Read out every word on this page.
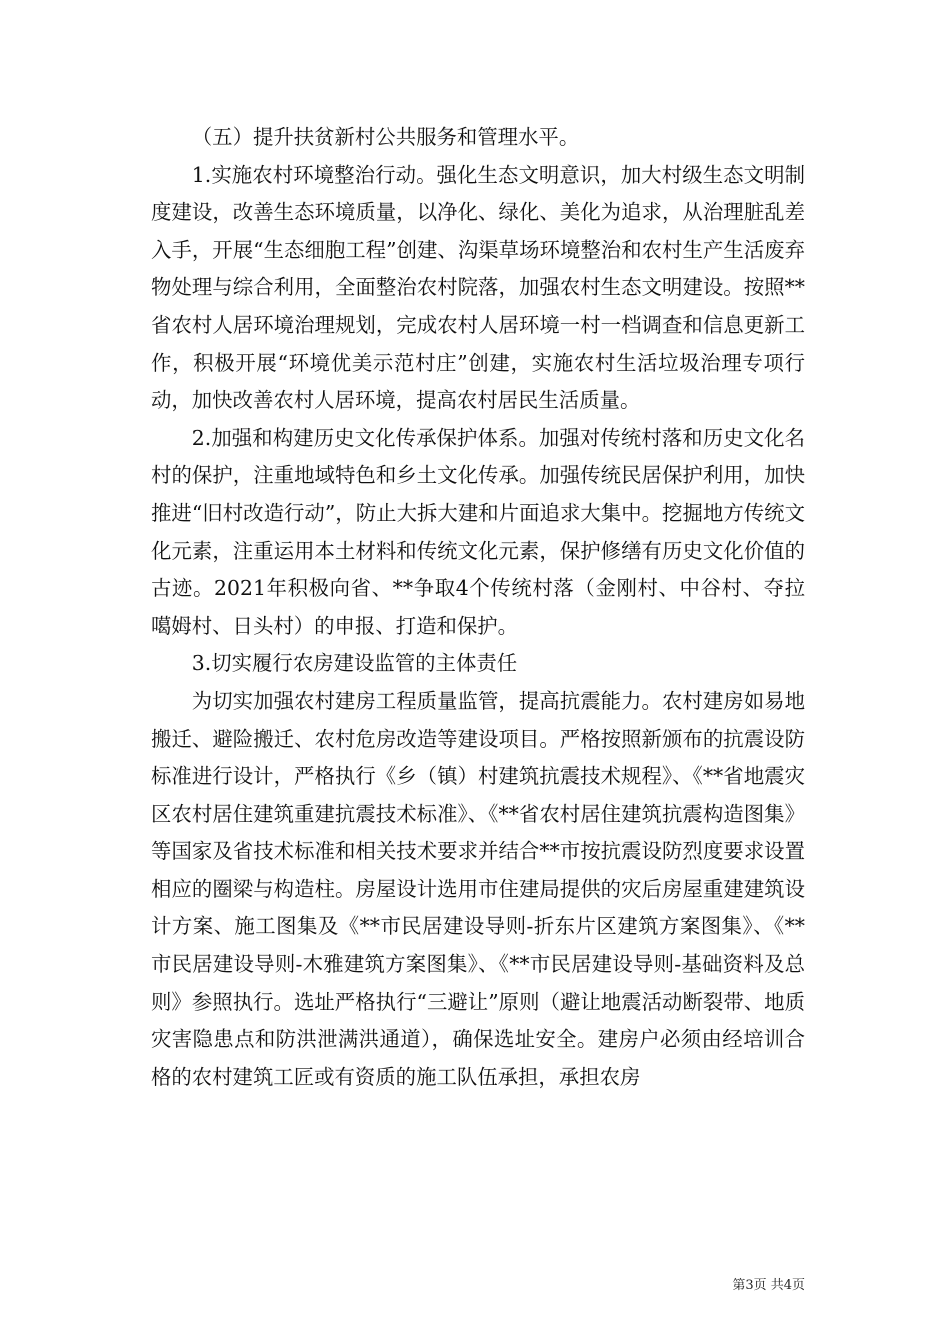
（五）提升扶贫新村公共服务和管理水平。

1.实施农村环境整治行动。强化生态文明意识，加大村级生态文明制度建设，改善生态环境质量，以净化、绿化、美化为追求，从治理脏乱差入手，开展“生态细胞工程”创建、沟渠草场环境整治和农村生产生活废弃物处理与综合利用，全面整治农村院落，加强农村生态文明建设。按照**省农村人居环境治理规划，完成农村人居环境一村一档调查和信息更新工作，积极开展“环境优美示范村庄”创建，实施农村生活垃圾治理专项行动，加快改善农村人居环境，提高农村居民生活质量。

2.加强和构建历史文化传承保护体系。加强对传统村落和历史文化名村的保护，注重地域特色和乡土文化传承。加强传统民居保护利用，加快推进“旧村改造行动”，防止大拆大建和片面追求大集中。挖掘地方传统文化元素，注重运用本土材料和传统文化元素，保护修缮有历史文化价值的古迹。2021年积极向省、**争取4个传统村落（金刚村、中谷村、夺拉噶姆村、日头村）的申报、打造和保护。

3.切实履行农房建设监管的主体责任

为切实加强农村建房工程质量监管，提高抗震能力。农村建房如易地搬迁、避险搬迁、农村危房改造等建设项目。严格按照新颁布的抗震设防标准进行设计，严格执行《乡（镇）村建筑抗震技术规程》、《**省地震灾区农村居住建筑重建抗震技术标准》、《**省农村居住建筑抗震构造图集》等国家及省技术标准和相关技术要求并结合**市按抗震设防烈度要求设置相应的圈梁与构造柱。房屋设计选用市住建局提供的灾后房屋重建建筑设计方案、施工图集及《**市民居建设导则-折东片区建筑方案图集》、《**市民居建设导则-木雅建筑方案图集》、《**市民居建设导则-基础资料及总则》参照执行。选址严格执行“三避让”原则（避让地震活动断裂带、地质灾害隐患点和防洪泄满洪通道），确保选址安全。建房户必须由经培训合格的农村建筑工匠或有资质的施工队伍承担，承担农房

第3页 共4页
